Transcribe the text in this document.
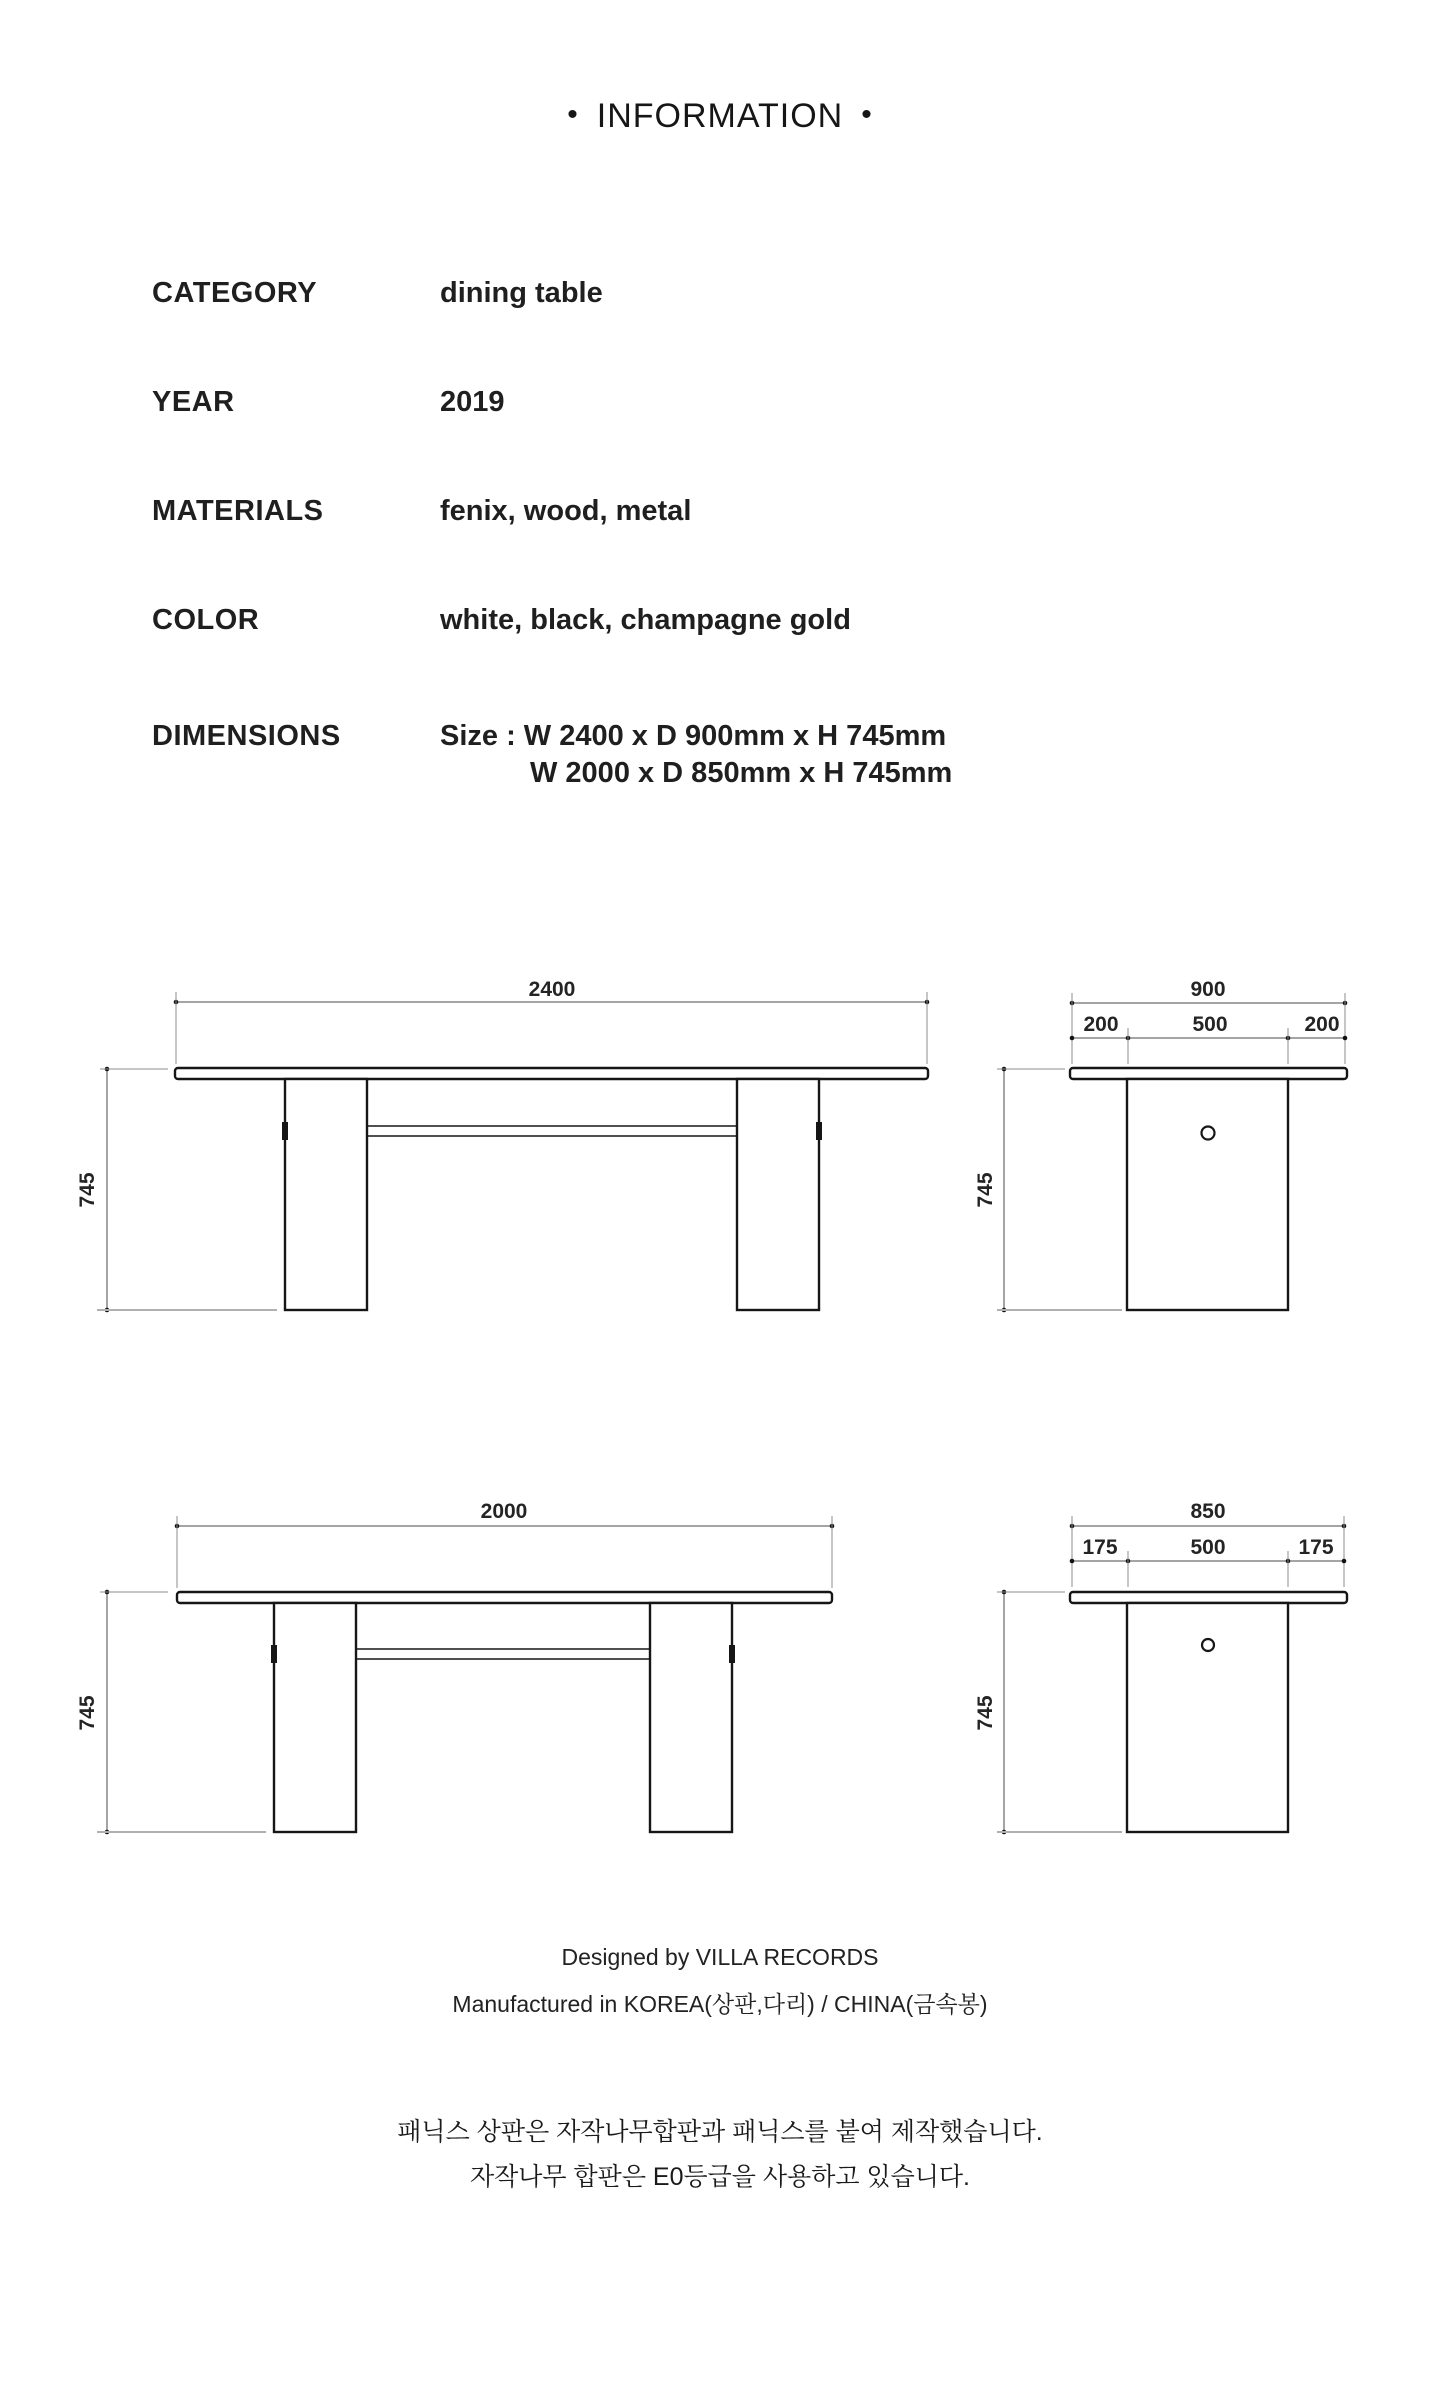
• INFORMATION •
CATEGORY	dining table
YEAR	2019
MATERIALS	fenix, wood, metal
COLOR	white, black, champagne gold
DIMENSIONS	Size : W 2400 x D 900mm x H 745mm
W 2000 x D 850mm x H 745mm
2400
745
900
200	500	200
745
2000
745
850
175	500	175
745
Designed by VILLA RECORDS
Manufactured in KOREA(상판,다리) / CHINA(금속봉)
패닉스 상판은 자작나무합판과 패닉스를 붙여 제작했습니다.
자작나무 합판은 E0등급을 사용하고 있습니다.
